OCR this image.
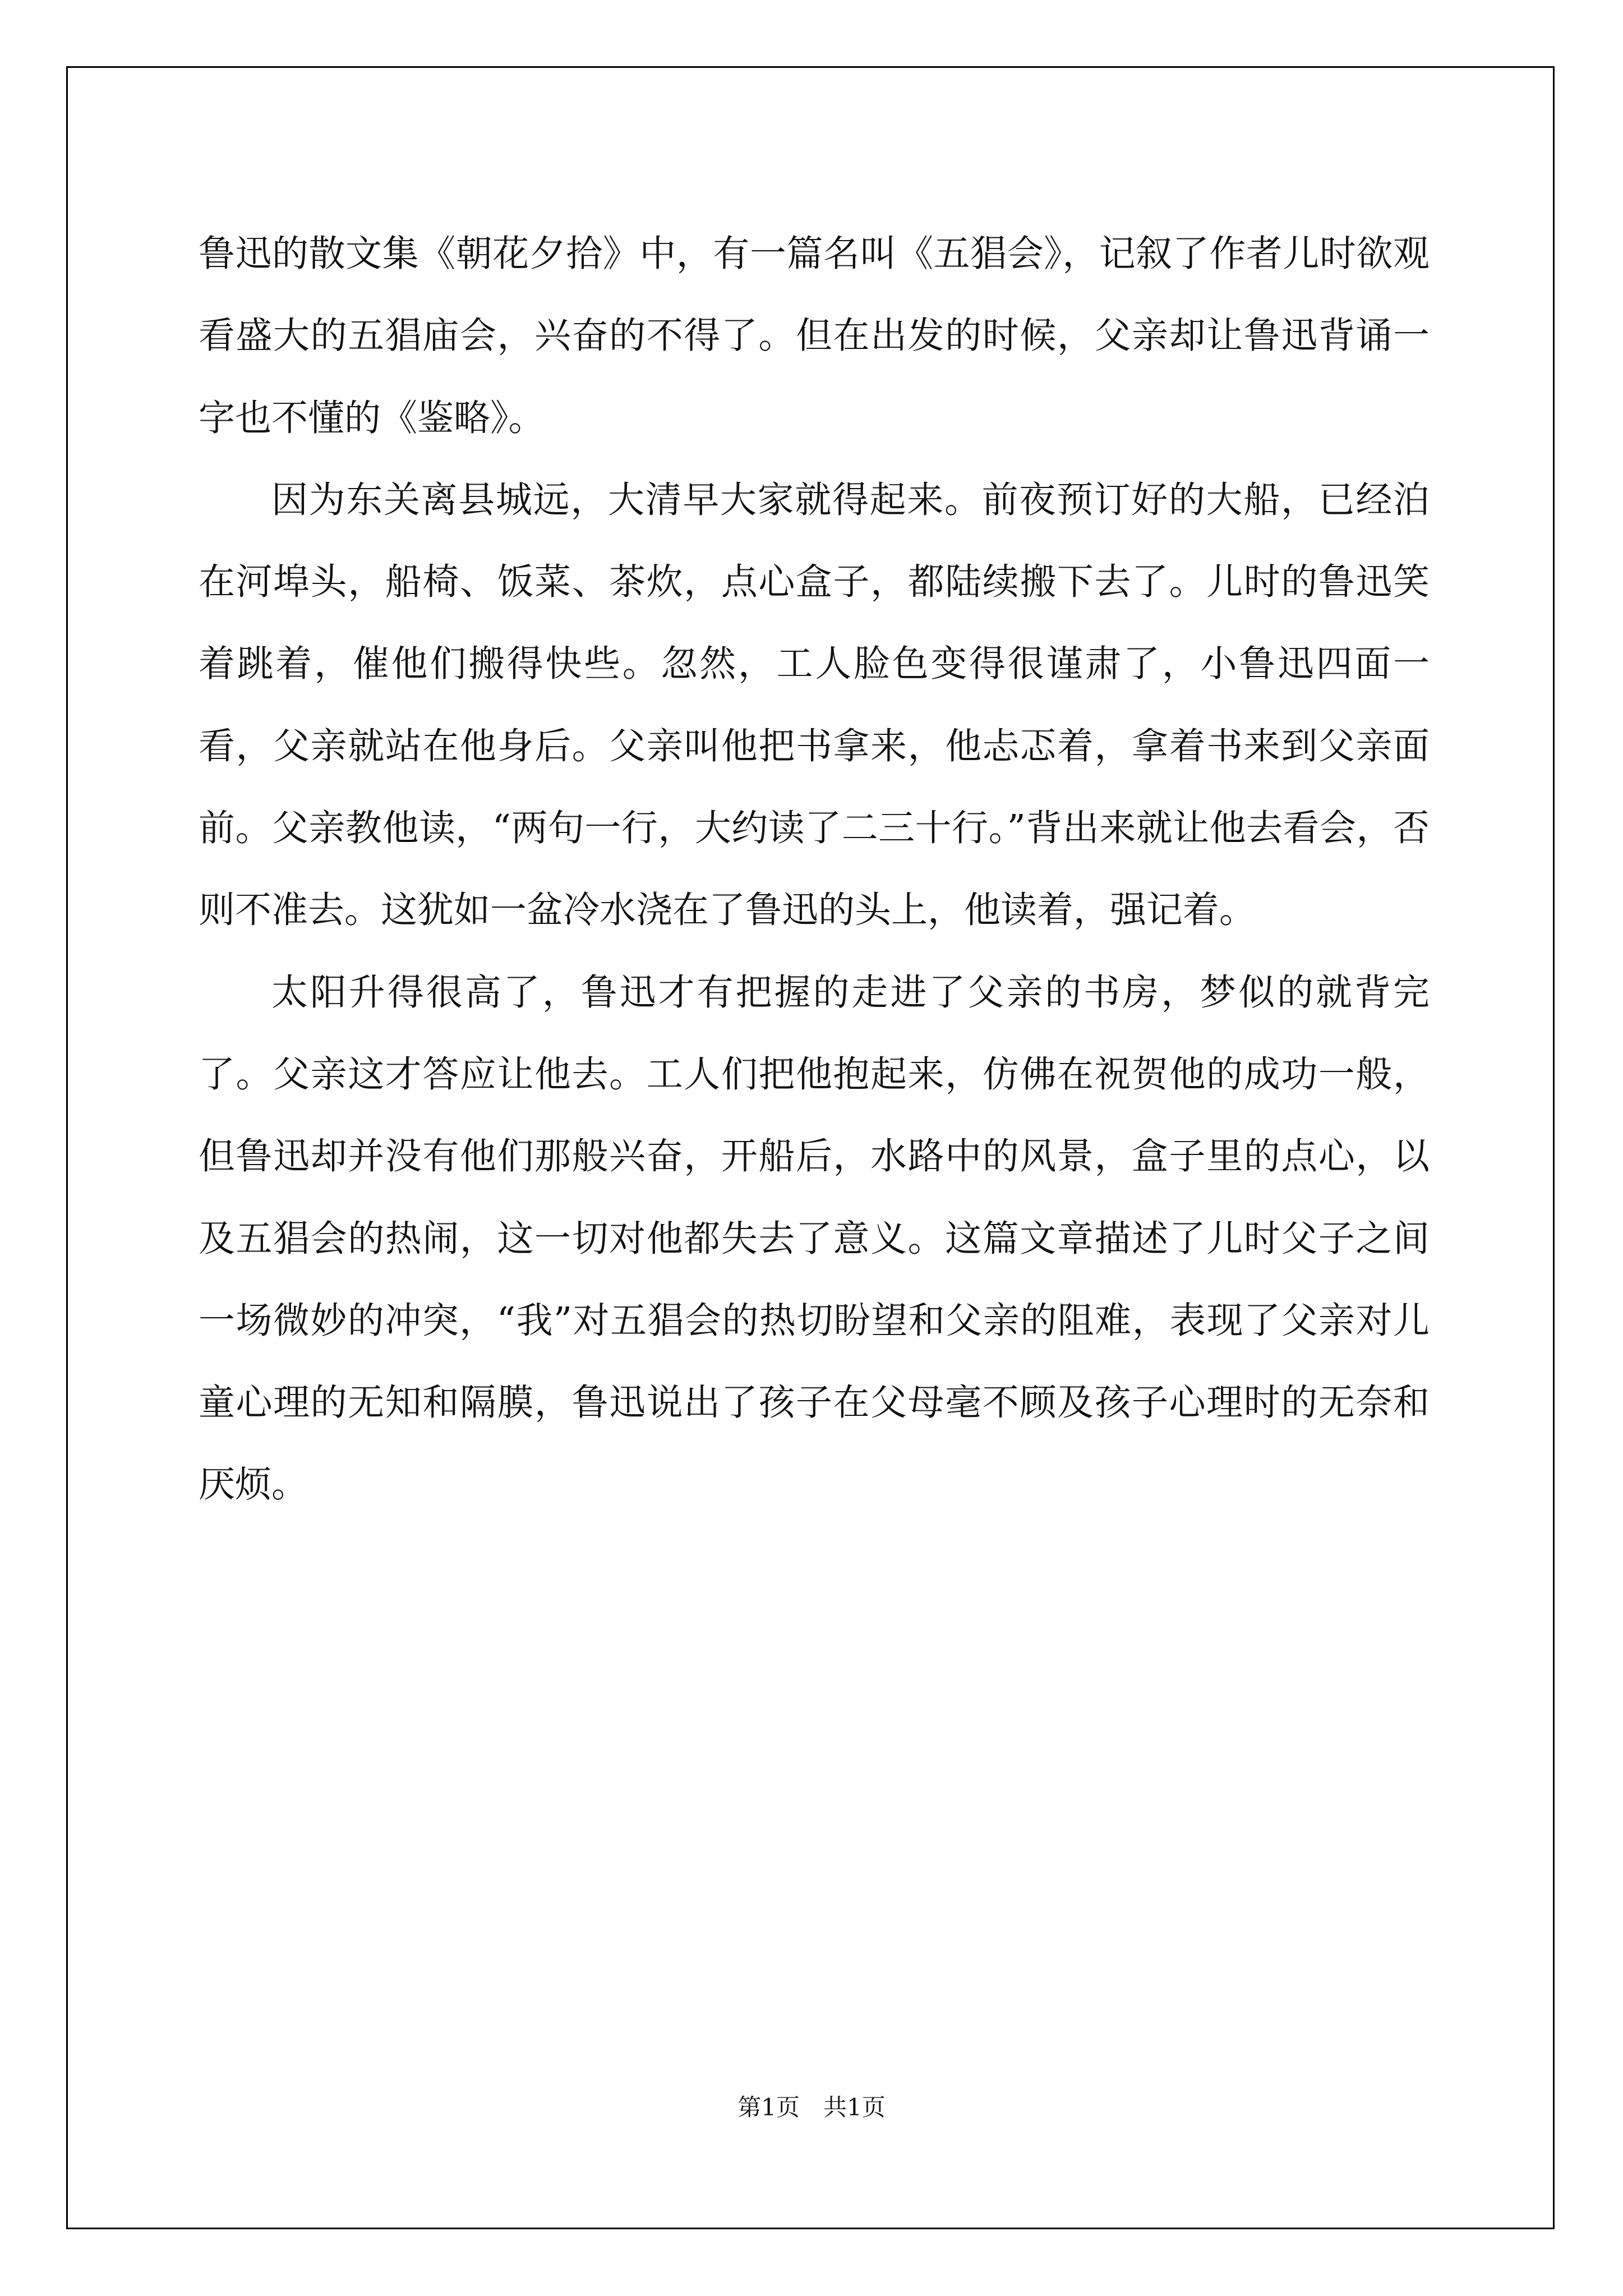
鲁迅的散文集《朝花夕拾》中，有一篇名叫《五猖会》，记叙了作者儿时欲观看盛大的五猖庙会，兴奋的不得了。但在出发的时候，父亲却让鲁迅背诵一字也不懂的《鉴略》。

因为东关离县城远，大清早大家就得起来。前夜预订好的大船，已经泊在河埠头，船椅、饭菜、茶炊，点心盒子，都陆续搬下去了。儿时的鲁迅笑着跳着，催他们搬得快些。忽然，工人脸色变得很谨肃了，小鲁迅四面一看，父亲就站在他身后。父亲叫他把书拿来，他忐忑着，拿着书来到父亲面前。父亲教他读，“两句一行，大约读了二三十行。”背出来就让他去看会，否则不准去。这犹如一盆冷水浇在了鲁迅的头上，他读着，强记着。

太阳升得很高了，鲁迅才有把握的走进了父亲的书房，梦似的就背完了。父亲这才答应让他去。工人们把他抱起来，仿佛在祝贺他的成功一般，但鲁迅却并没有他们那般兴奋，开船后，水路中的风景，盒子里的点心，以及五猖会的热闹，这一切对他都失去了意义。这篇文章描述了儿时父子之间一场微妙的冲突，“我”对五猖会的热切盼望和父亲的阻难，表现了父亲对儿童心理的无知和隔膜，鲁迅说出了孩子在父母毫不顾及孩子心理时的无奈和厌烦。

第1页　共1页
